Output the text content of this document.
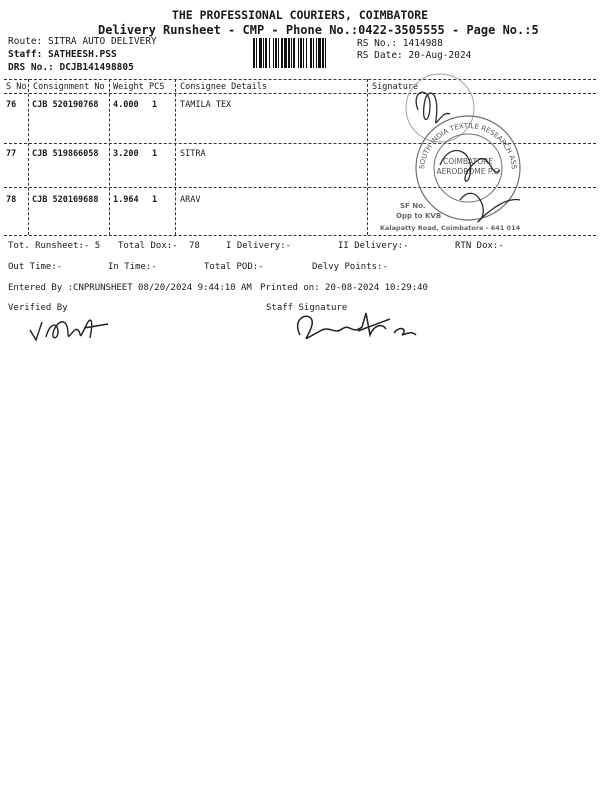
THE PROFESSIONAL COURIERS, COIMBATORE
Delivery Runsheet - CMP - Phone No.:0422-3505555 - Page No.:5
Route: SITRA AUTO DELIVERY
Staff: SATHEESH.PSS
DRS No.: DCJB141498805
RS No.: 1414988
RS Date: 20-Aug-2024
S No Consignment No Weight PCS Consignee Details	Signature
76 CJB 520190768 4.000 1	TAMILA TEX
77 CJB 519866058 3.200 1	SITRA
78 CJB 520169688 1.964 1	ARAV
SOUTH INDIA TEXTILE RESEARCH ASSOCIATION
COIMBATORE
AERODROME P.O
SF No.
Opp to KVB
Kalapatty Road, Coimbatore - 641 014
Tot. Runsheet:- 5 Total Dox:- 78	I Delivery:-	II Delivery:-	RTN Dox:-
Out Time:-	In Time:-	Total POD:-	Delvy Points:-
Entered By :CNPRUNSHEET 08/20/2024 9:44:10 AM Printed on: 20-08-2024 10:29:40
Verified By	Staff Signature
